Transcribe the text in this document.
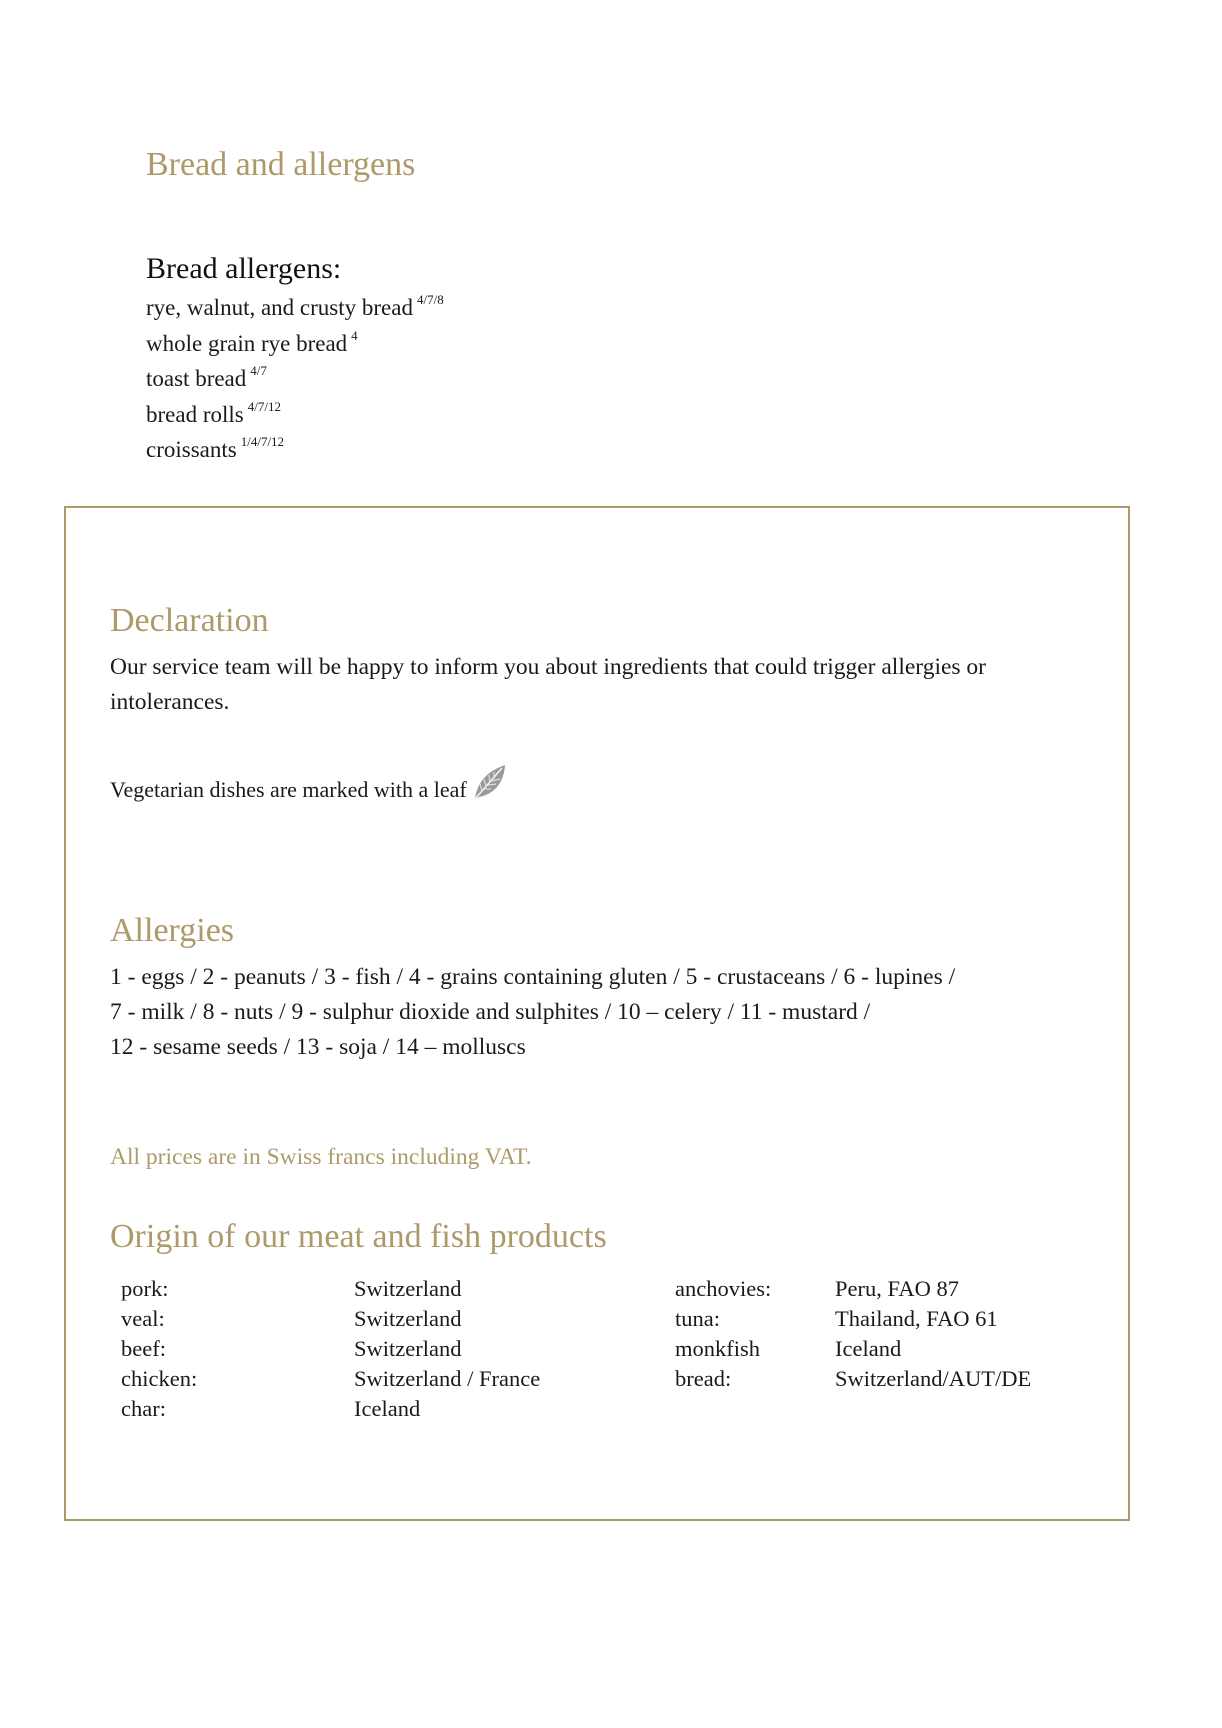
Bread and allergens
Bread allergens:
rye, walnut, and crusty bread $^{4/7/8}$
whole grain rye bread $^4$
toast bread $^{4/7}$
bread rolls $^{4/7/12}$
croissants $^{1/4/7/12}$
Declaration

Our service team will be happy to inform you about ingredients that could trigger allergies or intolerances.

Vegetarian dishes are marked with a leaf
Allergies

1 - eggs / 2 - peanuts / 3 - fish / 4 - grains containing gluten / 5 - crustaceans / 6 - lupines /
7 - milk / 8 - nuts / 9 - sulphur dioxide and sulphites / 10 – celery / 11 - mustard /
12 - sesame seeds / 13 - soja / 14 – molluscs

All prices are in Swiss francs including VAT.
Origin of our meat and fish products
pork:
veal:
beef:
chicken:
char:
Switzerland
Switzerland
Switzerland
Switzerland / France
Iceland
anchovies:
tuna:
monkfish
bread:
Peru, FAO 87
Thailand, FAO 61
Iceland
Switzerland/AUT/DE
